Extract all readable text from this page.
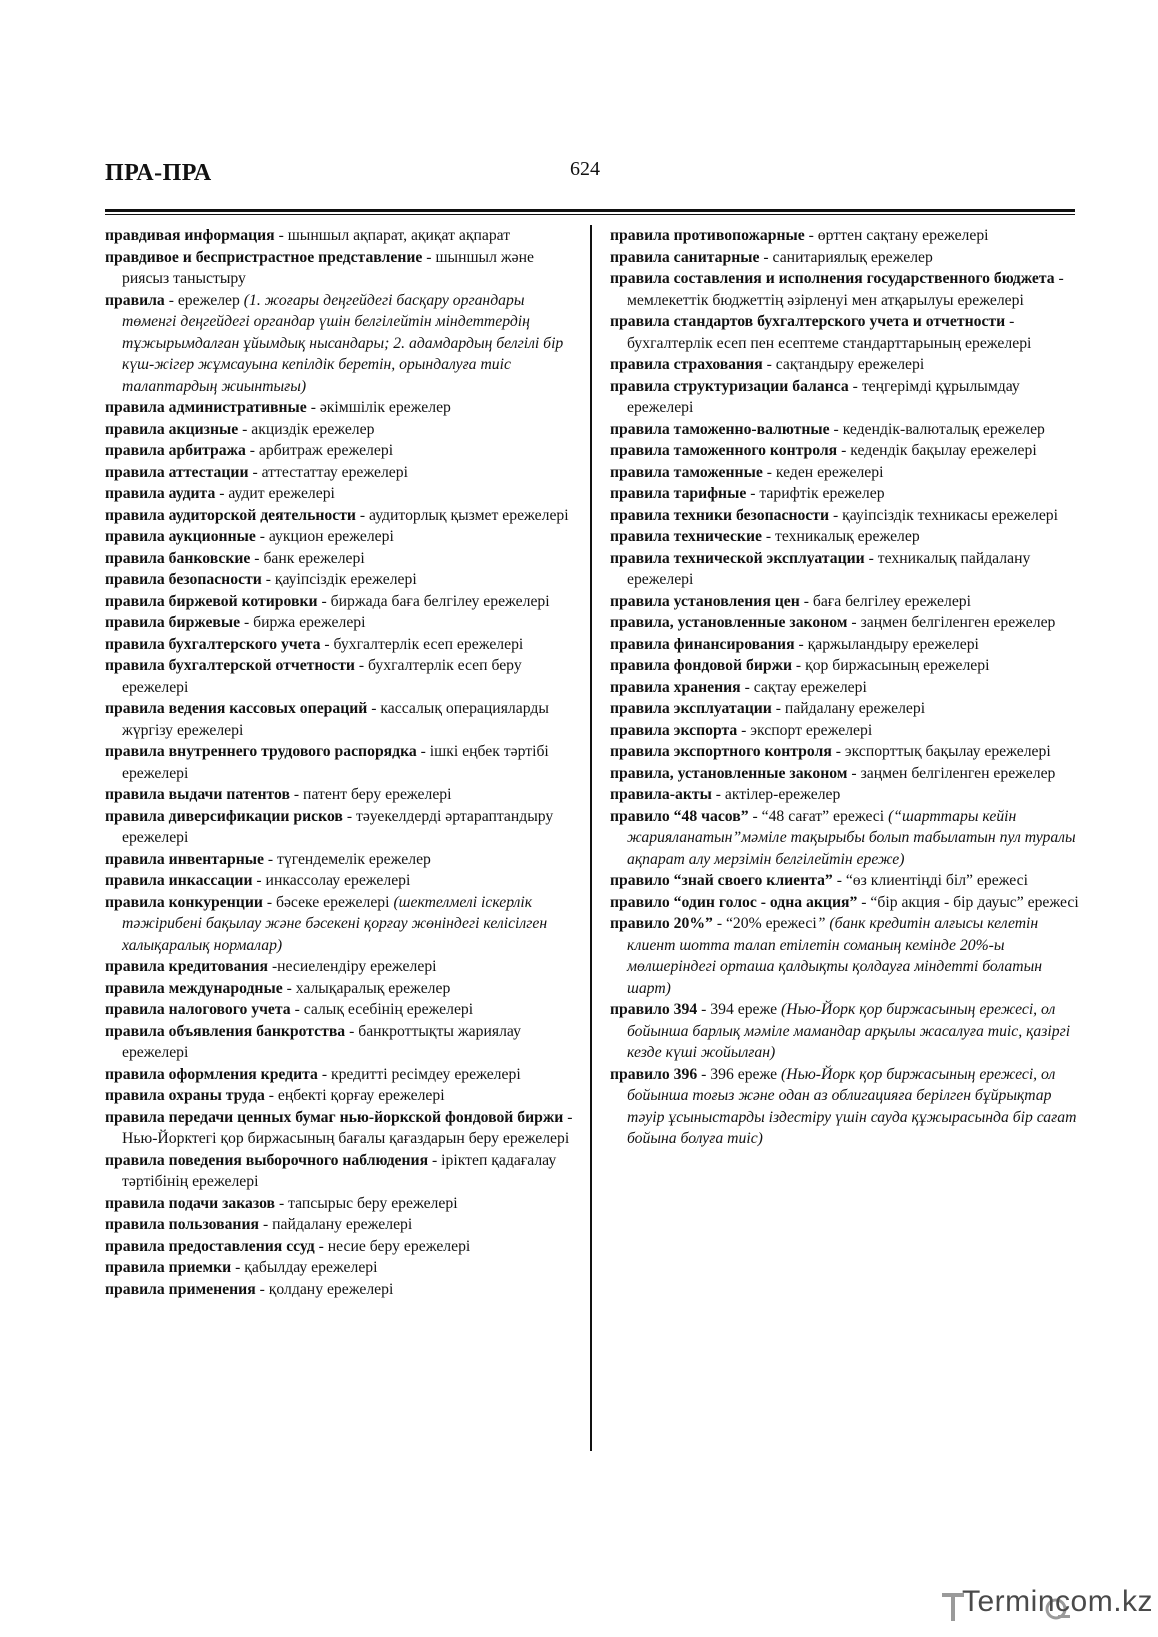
ПРА-ПРА	624

правдивая информация - шыншыл ақпарат, ақиқат ақпарат

правдивое и беспристрастное представление - шыншыл және риясыз таныстыру

правила - ережелер (1. жоғары деңгейдегі басқару органдары төменгі деңгейдегі органдар үшін белгілейтін міндеттердің тұжырымдалған ұйымдық нысандары; 2. адамдардың белгілі бір күш-жігер жұмсауына кепілдік беретін, орындалуға тиіс талаптардың жиынтығы)

правила административные - әкімшілік ережелер

правила акцизные - акциздік ережелер

правила арбитража - арбитраж ережелері

правила аттестации - аттестаттау ережелері

правила аудита - аудит ережелері

правила аудиторской деятельности - аудиторлық қызмет ережелері

правила аукционные - аукцион ережелері

правила банковские - банк ережелері

правила безопасности - қауіпсіздік ережелері

правила биржевой котировки - биржада баға белгілеу ережелері

правила биржевые - биржа ережелері

правила бухгалтерского учета - бухгалтерлік есеп ережелері

правила бухгалтерской отчетности - бухгалтерлік есеп беру ережелері

правила ведения кассовых операций - кассалық операцияларды жүргізу ережелері

правила внутреннего трудового распорядка - ішкі еңбек тәртібі ережелері

правила выдачи патентов - патент беру ережелері

правила диверсификации рисков - тәуекелдерді әртараптандыру ережелері

правила инвентарные - түгендемелік ережелер

правила инкассации - инкассолау ережелері

правила конкуренции - бәсеке ережелері (шектелмелі іскерлік тәжірибені бақылау және бәсекені қорғау жөніндегі келісілген халықаралық нормалар)

правила кредитования -несиелендіру ережелері

правила международные - халықаралық ережелер

правила налогового учета - салық есебінің ережелері

правила объявления банкротства - банкроттықты жариялау ережелері

правила оформления кредита - кредитті ресімдеу ережелері

правила охраны труда - еңбекті қорғау ережелері

правила передачи ценных бумаг нью-йоркской фондовой биржи - Нью-Йорктегі қор биржасының бағалы қағаздарын беру ережелері

правила поведения выборочного наблюдения - іріктеп қадағалау тәртібінің ережелері

правила подачи заказов - тапсырыс беру ережелері

правила пользования - пайдалану ережелері

правила предоставления ссуд - несие беру ережелері

правила приемки - қабылдау ережелері

правила применения - қолдану ережелері

правила противопожарные - өрттен сақтану ережелері

правила санитарные - санитариялық ережелер

правила составления и исполнения государственного бюджета - мемлекеттік бюджеттің әзірленуі мен атқарылуы ережелері

правила стандартов бухгалтерского учета и отчетности - бухгалтерлік есеп пен есептеме стандарттарының ережелері

правила страхования - сақтандыру ережелері

правила структуризации баланса - теңгерімді құрылымдау ережелері

правила таможенно-валютные - кедендік-валюталық ережелер

правила таможенного контроля - кедендік бақылау ережелері

правила таможенные - кеден ережелері

правила тарифные - тарифтік ережелер

правила техники безопасности - қауіпсіздік техникасы ережелері

правила технические - техникалық ережелер

правила технической эксплуатации - техникалық пайдалану ережелері

правила установления цен - баға белгілеу ережелері

правила, установленные законом - заңмен белгіленген ережелер

правила финансирования - қаржыландыру ережелері

правила фондовой биржи - қор биржасының ережелері

правила хранения - сақтау ережелері

правила эксплуатации - пайдалану ережелері

правила экспорта - экспорт ережелері

правила экспортного контроля - экспорттық бақылау ережелері

правила, установленные законом - заңмен белгіленген ережелер

правила-акты - актілер-ережелер

правило “48 часов” - “48 сағат” ережесі (“шарттары кейін жарияланатын”мәміле тақырыбы болып табылатын пул туралы ақпарат алу мерзімін белгілейтін ереже)

правило “знай своего клиента” - “өз клиентіңді біл” ережесі

правило “один голос - одна акция” - “бір акция - бір дауыс” ережесі

правило 20%” - “20% ережесі” (банк кредитін алғысы келетін клиент шотта талап етілетін соманың кемінде 20%-ы мөлшеріндегі орташа қалдықты қолдауға міндетті болатын шарт)

правило 394 - 394 ереже (Нью-Йорк қор биржасының ережесі, ол бойынша барлық мәміле мамандар арқылы жасалуға тиіс, қазіргі кезде күші жойылған)

правило 396 - 396 ереже (Нью-Йорк қор биржасының ережесі, ол бойынша тоғыз және одан аз облигацияға берілген бұйрықтар тәуір ұсыныстарды іздестіру үшін сауда құжырасында бір сағат бойына болуға тиіс)

Termincom.kz
